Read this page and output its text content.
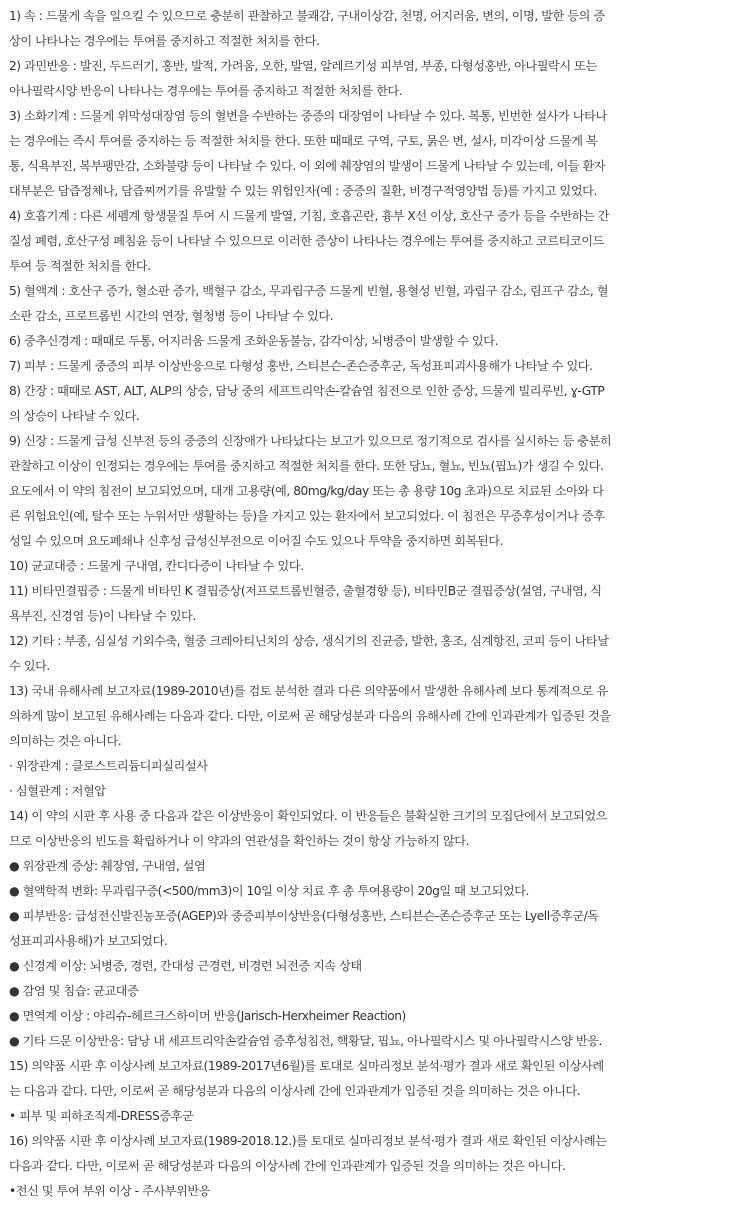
1) 속 : 드물게 속을 일으킬 수 있으므로 충분히 관찰하고 불쾌감, 구내이상감, 천명, 어지러움, 변의, 이명, 발한 등의 증
상이 나타나는 경우에는 투여를 중지하고 적절한 처치를 한다.
2) 과민반응 : 발진, 두드러기, 홍반, 발적, 가려움, 오한, 발열, 알레르기성 피부염, 부종, 다형성홍반, 아나필락시 또는
아나필락시양 반응이 나타나는 경우에는 투여를 중지하고 적절한 처치를 한다.
3) 소화기계 : 드물게 위막성대장염 등의 혈변을 수반하는 중증의 대장염이 나타날 수 있다. 복통, 빈번한 설사가 나타나
는 경우에는 즉시 투여를 중지하는 등 적절한 처치를 한다. 또한 때때로 구역, 구토, 묽은 변, 설사, 미각이상 드물게 복
통, 식욕부진, 복부팽만감, 소화불량 등이 나타날 수 있다. 이 외에 췌장염의 발생이 드물게 나타날 수 있는데, 이들 환자
대부분은 담즙정체나, 담즙찌꺼기를 유발할 수 있는 위험인자(예 : 중증의 질환, 비경구적영양법 등)를 가지고 있었다.
4) 호흡기계 : 다른 세펨계 항생물질 투여 시 드물게 발열, 기침, 호흡곤란, 흉부 X선 이상, 호산구 증가 등을 수반하는 간
질성 폐렴, 호산구성 폐침윤 등이 나타날 수 있으므로 이러한 증상이 나타나는 경우에는 투여를 중지하고 코르티코이드
투여 등 적절한 처치를 한다.
5) 혈액계 : 호산구 증가, 혈소판 증가, 백혈구 감소, 무과립구증 드물게 빈혈, 용혈성 빈혈, 과립구 감소, 림프구 감소, 혈
소판 감소, 프로트롬빈 시간의 연장, 혈청병 등이 나타날 수 있다.
6) 중추신경계 : 때때로 두통, 어지러움 드물게 조화운동불능, 감각이상, 뇌병증이 발생할 수 있다.
7) 피부 : 드물게 중증의 피부 이상반응으로 다형성 홍반, 스티븐슨-존슨증후군, 독성표피괴사용해가 나타날 수 있다.
8) 간장 : 때때로 AST, ALT, ALP의 상승, 담낭 중의 세프트리악손-칼슘염 침전으로 인한 증상, 드물게 빌리루빈, ɣ-GTP
의 상승이 나타날 수 있다.
9) 신장 : 드물게 급성 신부전 등의 중증의 신장애가 나타났다는 보고가 있으므로 정기적으로 검사를 실시하는 등 충분히
관찰하고 이상이 인정되는 경우에는 투여를 중지하고 적절한 처치를 한다. 또한 당뇨, 혈뇨, 빈뇨(핍뇨)가 생길 수 있다.
요도에서 이 약의 침전이 보고되었으며, 대개 고용량(예, 80mg/kg/day 또는 총 용량 10g 초과)으로 치료된 소아와 다
른 위험요인(예, 탈수 또는 누워서만 생활하는 등)을 가지고 있는 환자에서 보고되었다. 이 침전은 무증후성이거나 증후
성일 수 있으며 요도폐쇄나 신후성 급성신부전으로 이어질 수도 있으나 투약을 중지하면 회복된다.
10) 균교대증 : 드물게 구내염, 칸디다증이 나타날 수 있다.
11) 비타민결핍증 : 드물게 비타민 K 결핍증상(저프로트롬빈혈증, 출혈경향 등), 비타민B군 결핍증상(설염, 구내염, 식
욕부진, 신경염 등)이 나타날 수 있다.
12) 기타 : 부종, 심실성 기외수축, 혈중 크레아티닌치의 상승, 생식기의 진균증, 발한, 홍조, 심계항진, 코피 등이 나타날
수 있다.
13) 국내 유해사례 보고자료(1989-2010년)를 검토 분석한 결과 다른 의약품에서 발생한 유해사례 보다 통계적으로 유
의하게 많이 보고된 유해사례는 다음과 같다. 다만, 이로써 곧 해당성분과 다음의 유해사례 간에 인과관계가 입증된 것을
의미하는 것은 아니다.
· 위장관계 : 클로스트리듐디피실리설사
· 심혈관계 : 저혈압
14) 이 약의 시판 후 사용 중 다음과 같은 이상반응이 확인되었다. 이 반응들은 불확실한 크기의 모집단에서 보고되었으
므로 이상반응의 빈도를 확립하거나 이 약과의 연관성을 확인하는 것이 항상 가능하지 않다.
● 위장관계 증상: 췌장염, 구내염, 설염
● 혈액학적 변화: 무과립구증(<500/mm3)이 10일 이상 치료 후 총 투여용량이 20g일 때 보고되었다.
● 피부반응: 급성전신발진농포증(AGEP)와 중증피부이상반응(다형성홍반, 스티븐슨-존슨증후군 또는 Lyell증후군/독
성표피괴사용해)가 보고되었다.
● 신경계 이상: 뇌병증, 경련, 간대성 근경련, 비경련 뇌전증 지속 상태
● 감염 및 침습: 균교대증
● 면역계 이상 : 야리슈-헤르크스하이머 반응(Jarisch-Herxheimer Reaction)
● 기타 드문 이상반응: 담낭 내 세프트리악손칼슘염 증후성침전, 핵황달, 핍뇨, 아나필락시스 및 아나필락시스양 반응.
15) 의약품 시판 후 이상사례 보고자료(1989-2017년6월)를 토대로 실마리정보 분석·평가 결과 새로 확인된 이상사례
는 다음과 같다. 다만, 이로써 곧 해당성분과 다음의 이상사례 간에 인과관계가 입증된 것을 의미하는 것은 아니다.
• 피부 및 피하조직계-DRESS증후군
16) 의약품 시판 후 이상사례 보고자료(1989-2018.12.)를 토대로 실마리정보 분석·평가 결과 새로 확인된 이상사례는
다음과 같다. 다만, 이로써 곧 해당성분과 다음의 이상사례 간에 인과관계가 입증된 것을 의미하는 것은 아니다.
•전신 및 투여 부위 이상 - 주사부위반응
